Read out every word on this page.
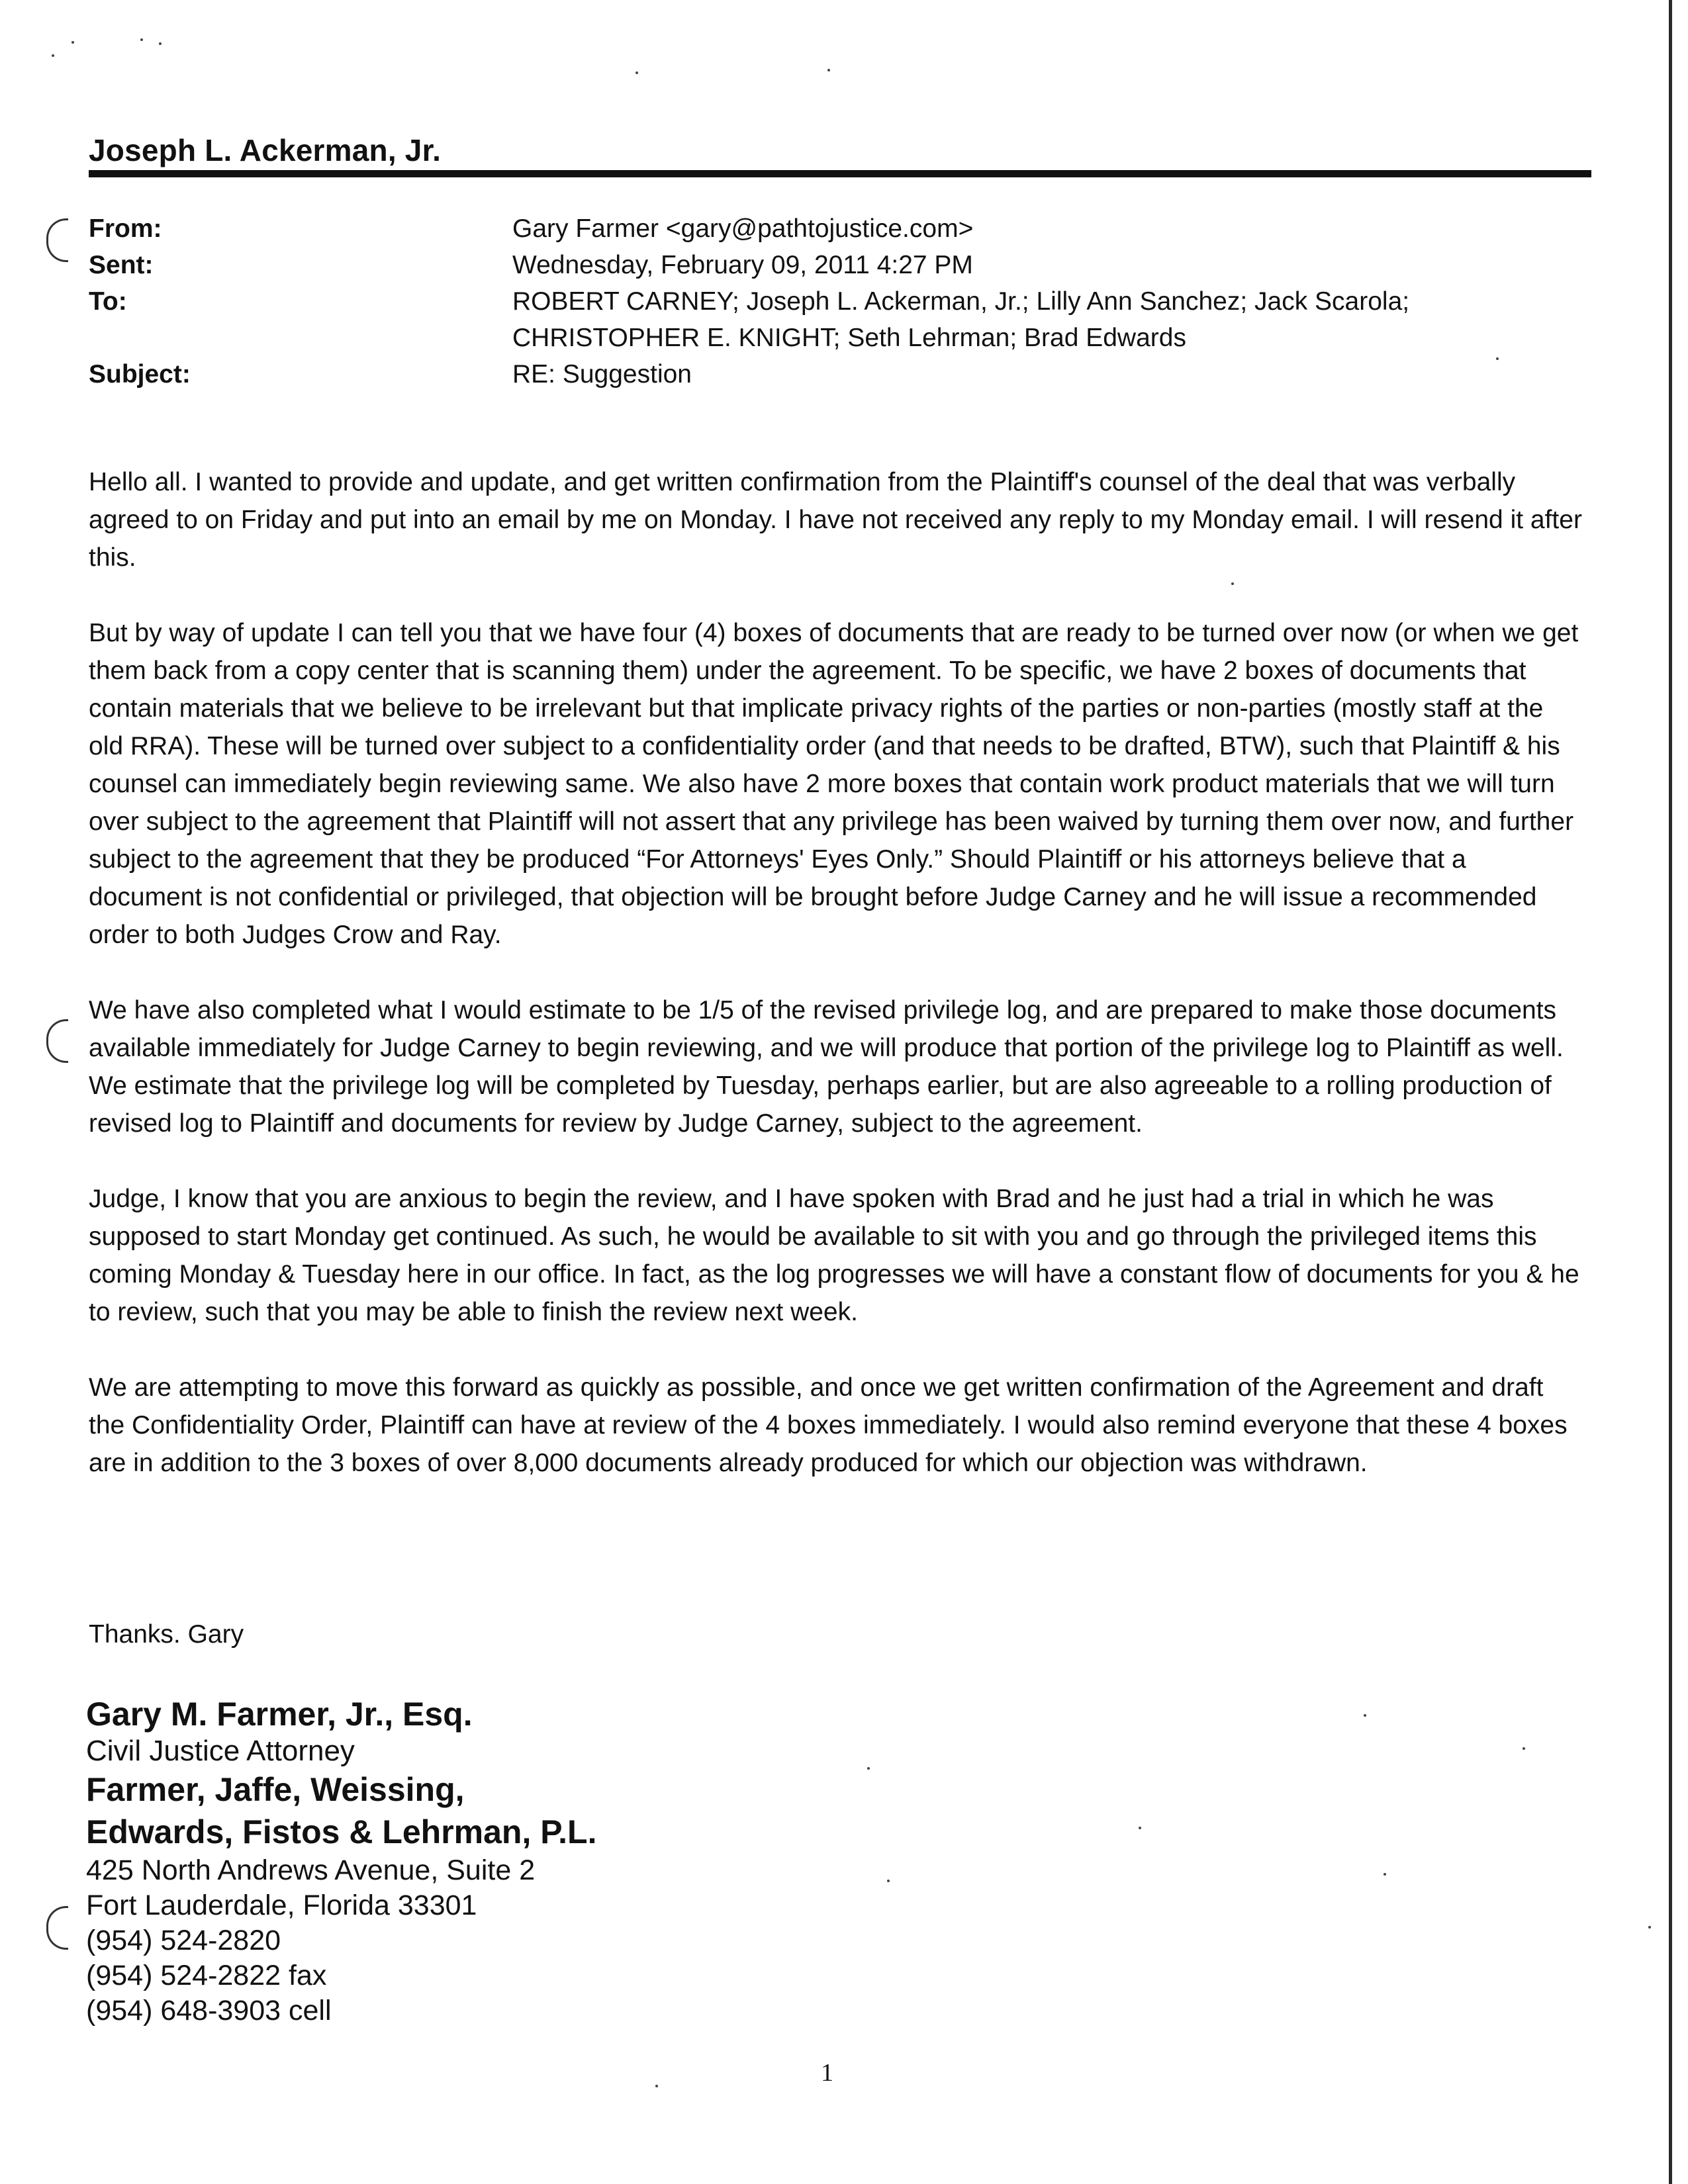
Joseph L. Ackerman, Jr.
From:	Gary Farmer <gary@pathtojustice.com>
Sent:	Wednesday, February 09, 2011 4:27 PM
To:	ROBERT CARNEY; Joseph L. Ackerman, Jr.; Lilly Ann Sanchez; Jack Scarola; CHRISTOPHER E. KNIGHT; Seth Lehrman; Brad Edwards
Subject:	RE: Suggestion

Hello all. I wanted to provide and update, and get written confirmation from the Plaintiff's counsel of the deal that was verbally agreed to on Friday and put into an email by me on Monday. I have not received any reply to my Monday email. I will resend it after this.

But by way of update I can tell you that we have four (4) boxes of documents that are ready to be turned over now (or when we get them back from a copy center that is scanning them) under the agreement. To be specific, we have 2 boxes of documents that contain materials that we believe to be irrelevant but that implicate privacy rights of the parties or non-parties (mostly staff at the old RRA). These will be turned over subject to a confidentiality order (and that needs to be drafted, BTW), such that Plaintiff & his counsel can immediately begin reviewing same. We also have 2 more boxes that contain work product materials that we will turn over subject to the agreement that Plaintiff will not assert that any privilege has been waived by turning them over now, and further subject to the agreement that they be produced “For Attorneys' Eyes Only.” Should Plaintiff or his attorneys believe that a document is not confidential or privileged, that objection will be brought before Judge Carney and he will issue a recommended order to both Judges Crow and Ray.

We have also completed what I would estimate to be 1/5 of the revised privilege log, and are prepared to make those documents available immediately for Judge Carney to begin reviewing, and we will produce that portion of the privilege log to Plaintiff as well. We estimate that the privilege log will be completed by Tuesday, perhaps earlier, but are also agreeable to a rolling production of revised log to Plaintiff and documents for review by Judge Carney, subject to the agreement.

Judge, I know that you are anxious to begin the review, and I have spoken with Brad and he just had a trial in which he was supposed to start Monday get continued. As such, he would be available to sit with you and go through the privileged items this coming Monday & Tuesday here in our office. In fact, as the log progresses we will have a constant flow of documents for you & he to review, such that you may be able to finish the review next week.

We are attempting to move this forward as quickly as possible, and once we get written confirmation of the Agreement and draft the Confidentiality Order, Plaintiff can have at review of the 4 boxes immediately. I would also remind everyone that these 4 boxes are in addition to the 3 boxes of over 8,000 documents already produced for which our objection was withdrawn.

Thanks. Gary
Gary M. Farmer, Jr., Esq.
Civil Justice Attorney
Farmer, Jaffe, Weissing,
Edwards, Fistos & Lehrman, P.L.
425 North Andrews Avenue, Suite 2
Fort Lauderdale, Florida 33301
(954) 524-2820
(954) 524-2822 fax
(954) 648-3903 cell
1
